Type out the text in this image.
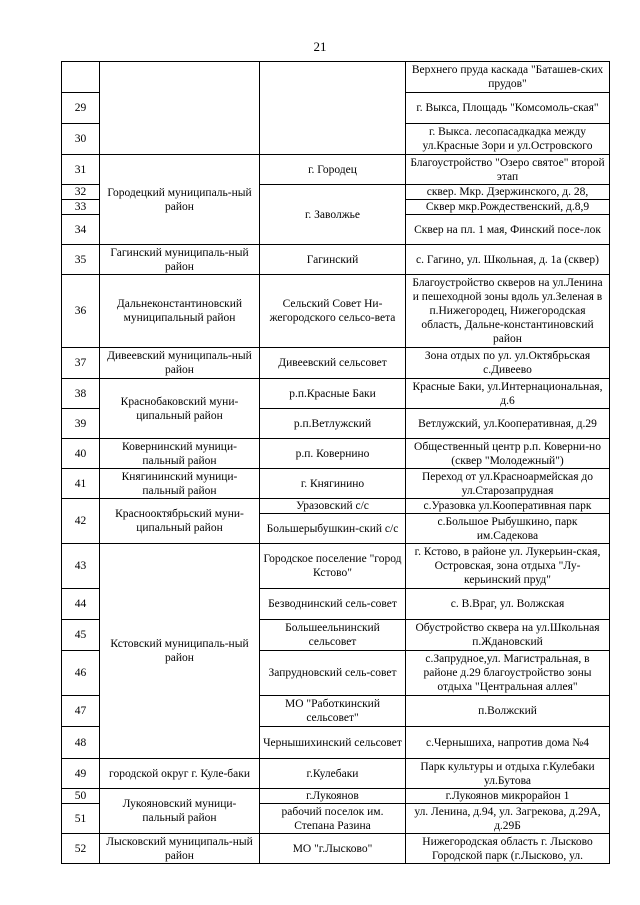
21
			Верхнего пруда каскада "Баташев-ских прудов"
29			г. Выкса, Площадь "Комсомоль-ская"
30			г. Выкса. лесопасадкадка между ул.Красные Зори и ул.Островского
31	Городецкий муниципаль-ный район	г. Городец	Благоустройство "Озеро святое" второй этап
32		г. Заволжье	сквер. Мкр. Дзержинского, д. 28,
33			Сквер мкр.Рождественский, д.8,9
34			Сквер на пл. 1 мая, Финский посе-лок
35	Гагинский муниципаль-ный район	Гагинский	с. Гагино, ул. Школьная, д. 1а (сквер)
36	Дальнеконстантиновский муниципальный район	Сельский Совет Ни-жегородского сельсо-вета	Благоустройство скверов на ул.Ленина и пешеходной зоны вдоль ул.Зеленая в п.Нижегородец, Нижегородская область, Дальне-константиновский район
37	Дивеевский муниципаль-ный район	Дивеевский сельсовет	Зона отдых по ул. ул.Октябрьская с.Дивеево
38	Краснобаковский муни-ципальный район	р.п.Красные Баки	Красные Баки, ул.Интернациональная, д.6
39		р.п.Ветлужский	Ветлужский, ул.Кооперативная, д.29
40	Ковернинский муници-пальный район	р.п. Ковернино	Общественный центр р.п. Коверни-но (сквер "Молодежный")
41	Княгининский муници-пальный район	г. Княгинино	Переход от ул.Красноармейская до ул.Старозапрудная
42	Краснооктябрьский муни-ципальный район	Уразовский с/с	с.Уразовка ул.Кооперативная парк
		Большерыбушкин-ский с/с	с.Большое Рыбушкино, парк им.Садекова
43	Кстовский муниципаль-ный район	Городское поселение "город Кстово"	г. Кстово, в районе ул. Лукерьин-ская, Островская, зона отдыха "Лу-керьинский пруд"
44		Безводнинский сель-совет	с. В.Враг, ул. Волжская
45		Большеельнинский сельсовет	Обустройство сквера на ул.Школьная п.Ждановский
46		Запрудновский сель-совет	с.Запрудное,ул. Магистральная, в районе д.29 благоустройство зоны отдыха "Центральная аллея"
47		МО "Работкинский сельсовет"	п.Волжский
48		Чернышихинский сельсовет	с.Чернышиха, напротив дома №4
49	городской округ г. Куле-баки	г.Кулебаки	Парк культуры и отдыха г.Кулебаки ул.Бутова
50	Лукояновский муници-пальный район	г.Лукоянов	г.Лукоянов микрорайон 1
51		рабочий поселок им. Степана Разина	ул. Ленина, д.94, ул. Загрекова, д.29А, д.29Б
52	Лысковский муниципаль-ный район	МО "г.Лысково"	Нижегородская область г. Лысково Городской парк (г.Лысково, ул.
